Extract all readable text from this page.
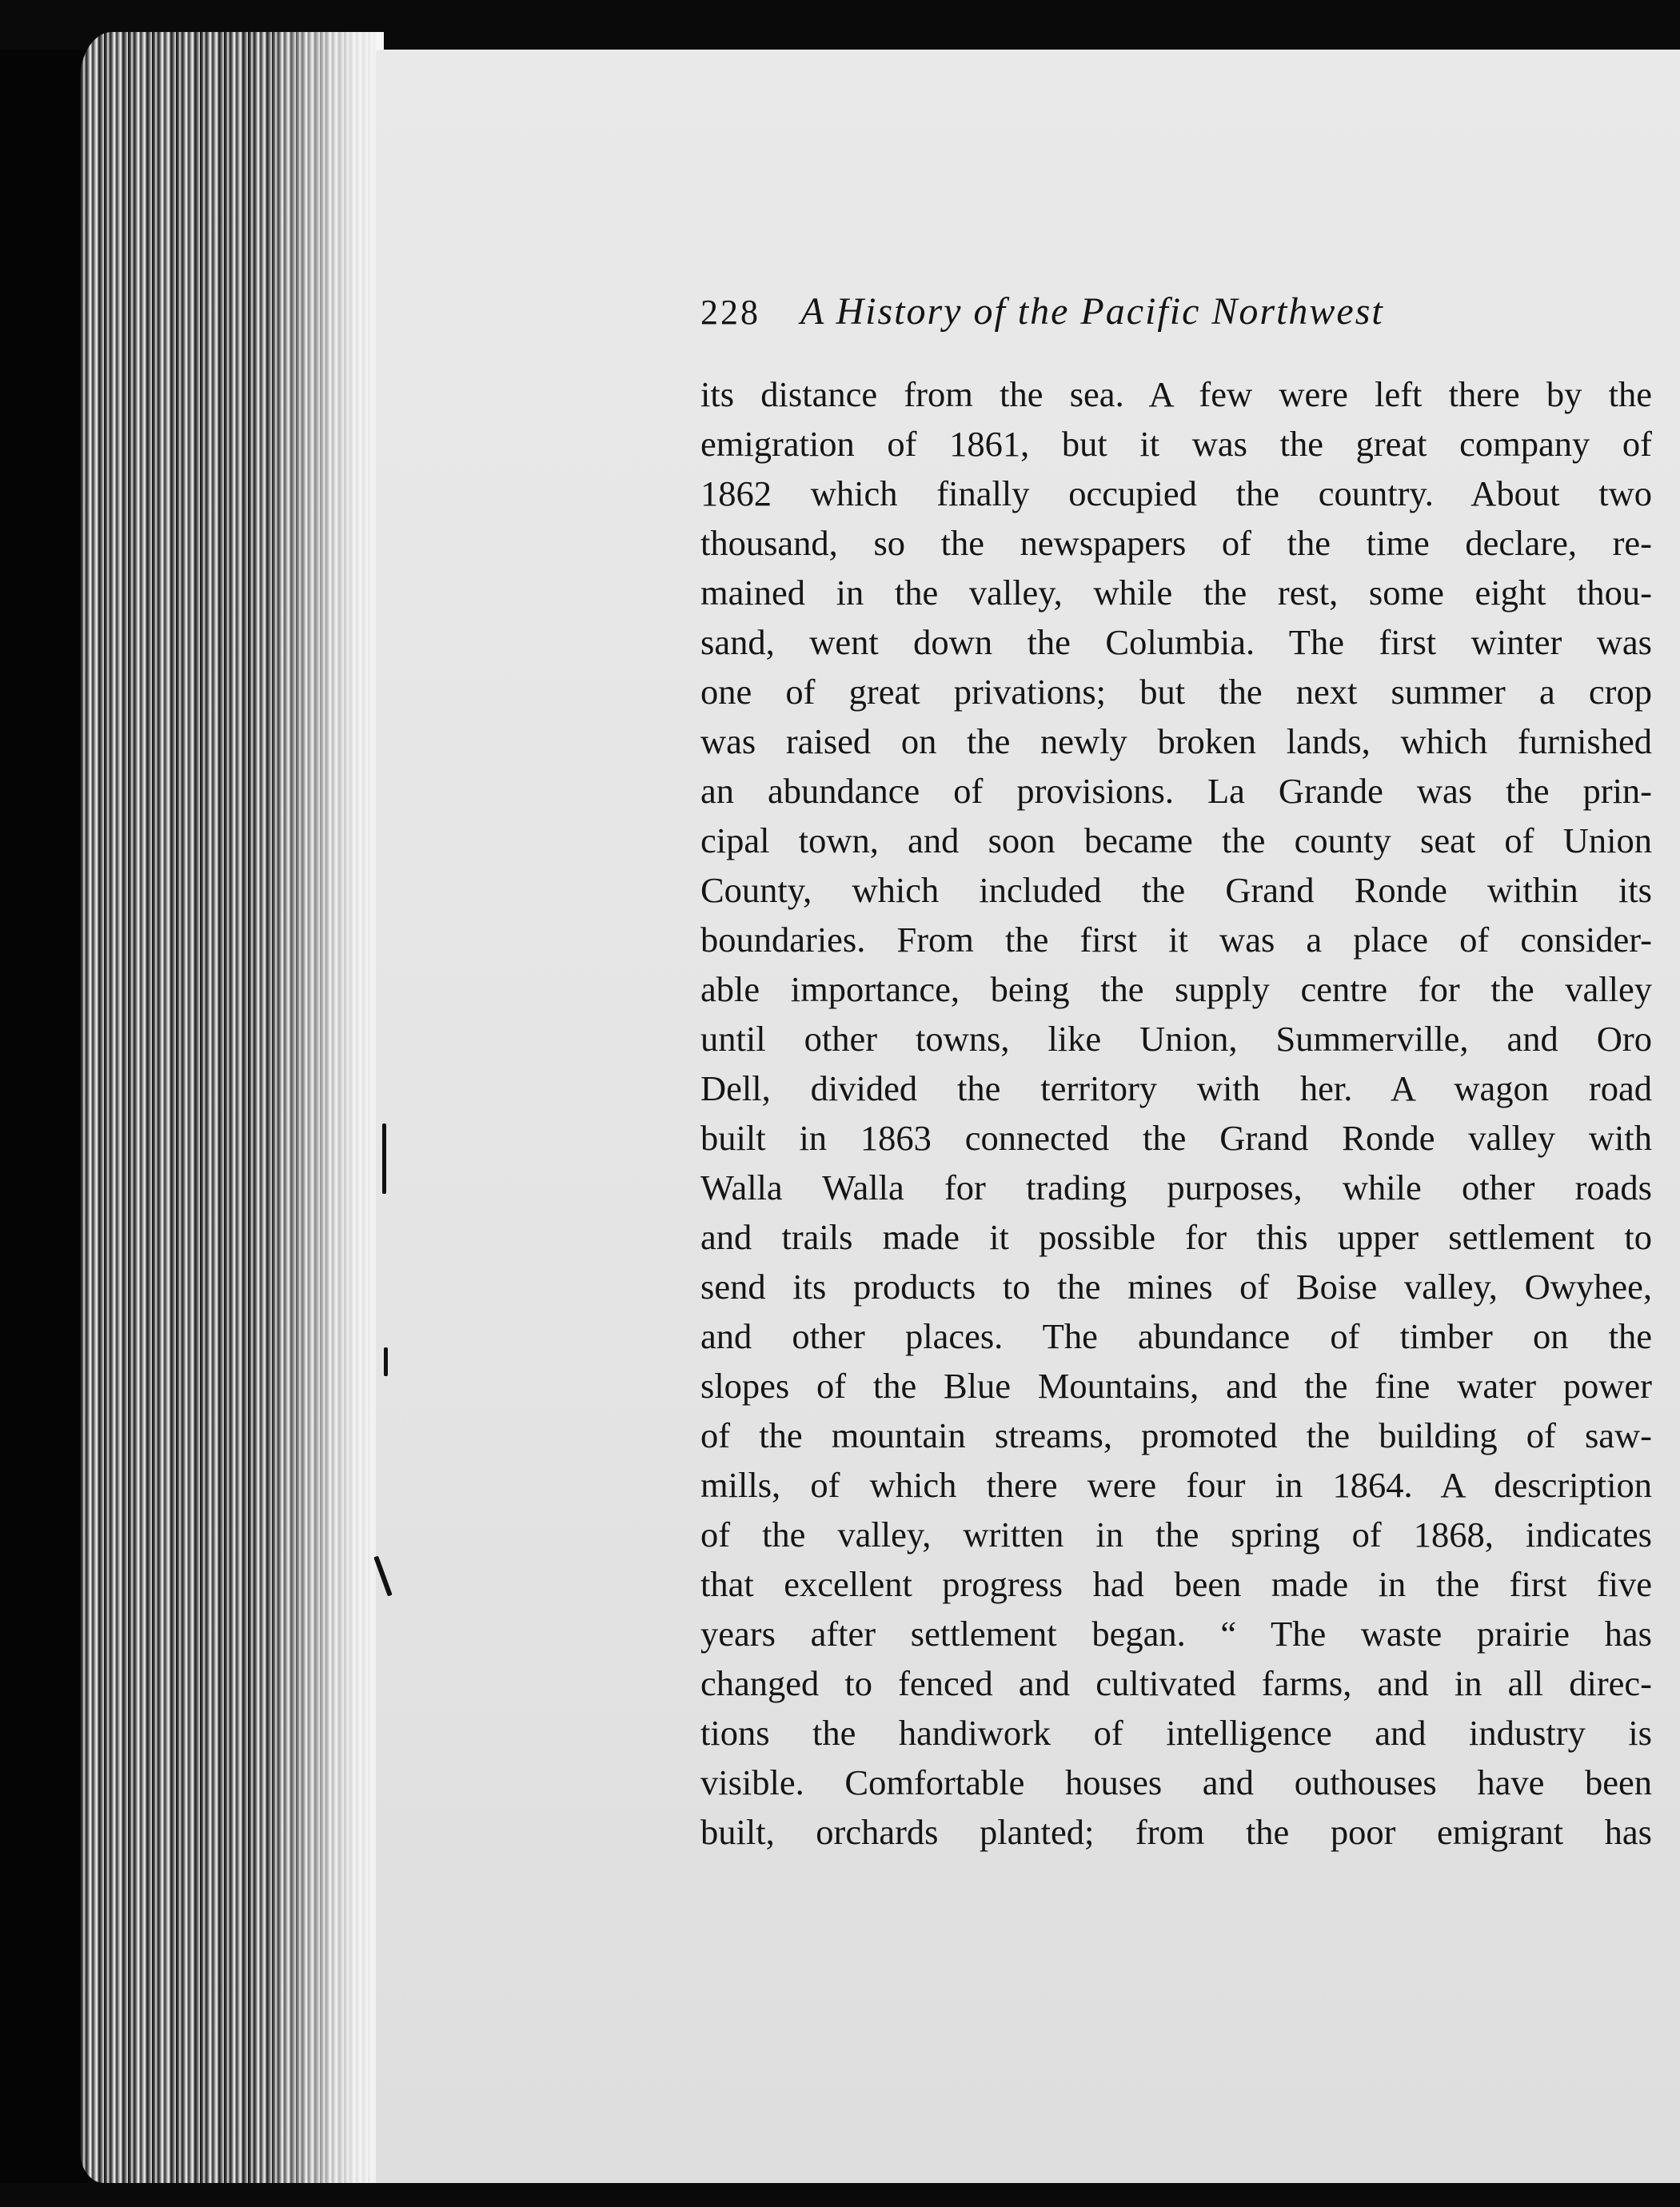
228 A History of the Pacific Northwest
its distance from the sea. A few were left there by the
emigration of 1861, but it was the great company of
1862 which finally occupied the country. About two
thousand, so the newspapers of the time declare, re-
mained in the valley, while the rest, some eight thou-
sand, went down the Columbia. The first winter was
one of great privations; but the next summer a crop
was raised on the newly broken lands, which furnished
an abundance of provisions. La Grande was the prin-
cipal town, and soon became the county seat of Union
County, which included the Grand Ronde within its
boundaries. From the first it was a place of consider-
able importance, being the supply centre for the valley
until other towns, like Union, Summerville, and Oro
Dell, divided the territory with her. A wagon road
built in 1863 connected the Grand Ronde valley with
Walla Walla for trading purposes, while other roads
and trails made it possible for this upper settlement to
send its products to the mines of Boise valley, Owyhee,
and other places. The abundance of timber on the
slopes of the Blue Mountains, and the fine water power
of the mountain streams, promoted the building of saw-
mills, of which there were four in 1864. A description
of the valley, written in the spring of 1868, indicates
that excellent progress had been made in the first five
years after settlement began. “ The waste prairie has
changed to fenced and cultivated farms, and in all direc-
tions the handiwork of intelligence and industry is
visible. Comfortable houses and outhouses have been
built, orchards planted; from the poor emigrant has
